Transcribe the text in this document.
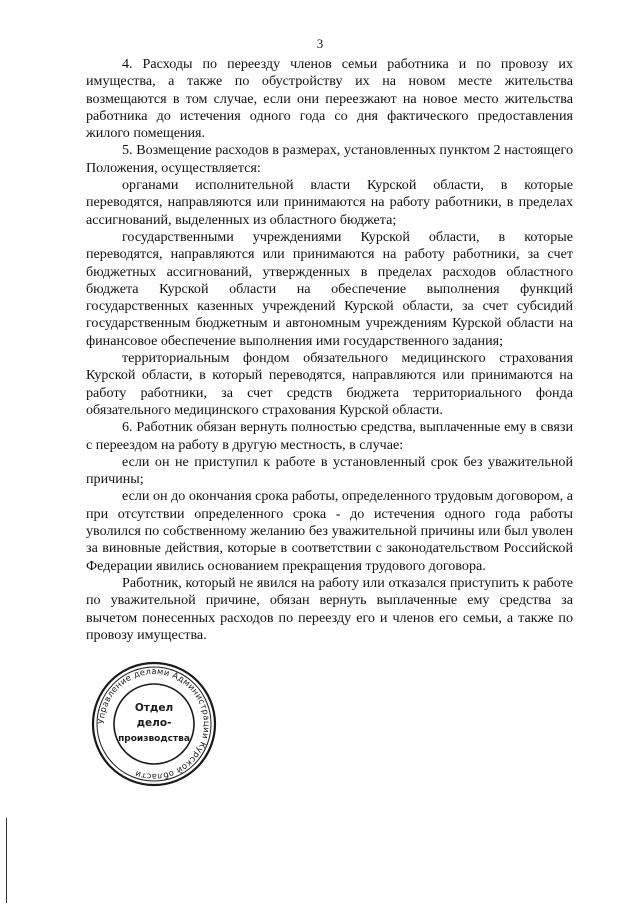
3

4. Расходы по переезду членов семьи работника и по провозу их имущества, а также по обустройству их на новом месте жительства возмещаются в том случае, если они переезжают на новое место жительства работника до истечения одного года со дня фактического предоставления жилого помещения.

5. Возмещение расходов в размерах, установленных пунктом 2 настоящего Положения, осуществляется:

органами исполнительной власти Курской области, в которые переводятся, направляются или принимаются на работу работники, в пределах ассигнований, выделенных из областного бюджета;

государственными учреждениями Курской области, в которые переводятся, направляются или принимаются на работу работники, за счет бюджетных ассигнований, утвержденных в пределах расходов областного бюджета Курской области на обеспечение выполнения функций государственных казенных учреждений Курской области, за счет субсидий государственным бюджетным и автономным учреждениям Курской области на финансовое обеспечение выполнения ими государственного задания;

территориальным фондом обязательного медицинского страхования Курской области, в который переводятся, направляются или принимаются на работу работники, за счет средств бюджета территориального фонда обязательного медицинского страхования Курской области.

6. Работник обязан вернуть полностью средства, выплаченные ему в связи с переездом на работу в другую местность, в случае:

если он не приступил к работе в установленный срок без уважительной причины;

если он до окончания срока работы, определенного трудовым договором, а при отсутствии определенного срока - до истечения одного года работы уволился по собственному желанию без уважительной причины или был уволен за виновные действия, которые в соответствии с законодательством Российской Федерации явились основанием прекращения трудового договора.

Работник, который не явился на работу или отказался приступить к работе по уважительной причине, обязан вернуть выплаченные ему средства за вычетом понесенных расходов по переезду его и членов его семьи, а также по провозу имущества.

Управление делами Администрации Курской области
Отдел
дело-
производства
